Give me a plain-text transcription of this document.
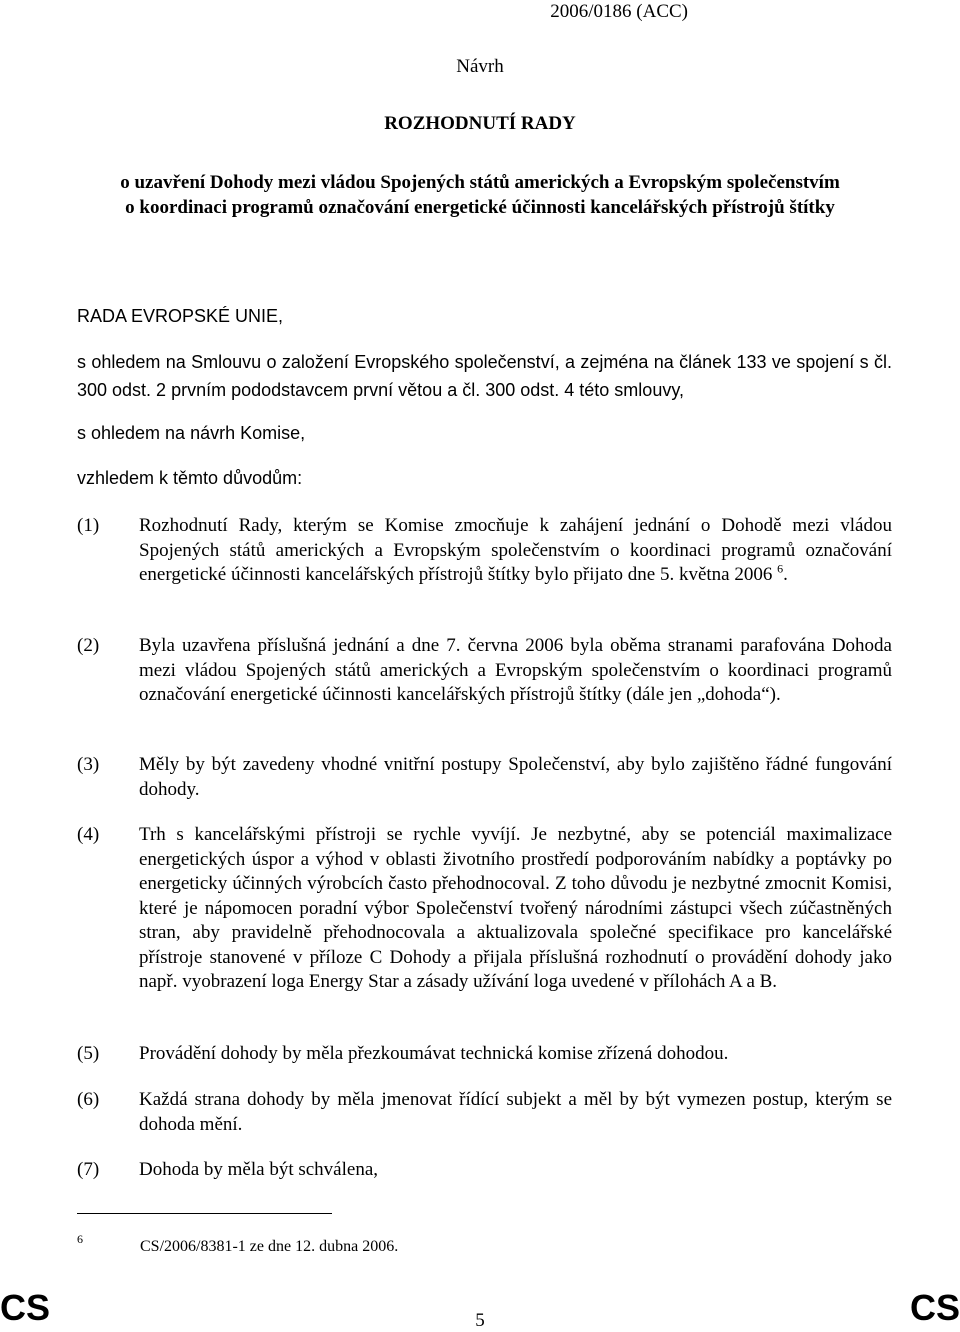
2006/0186 (ACC)
Návrh
ROZHODNUTÍ RADY
o uzavření Dohody mezi vládou Spojených států amerických a Evropským společenstvím
o koordinaci programů označování energetické účinnosti kancelářských přístrojů štítky
RADA EVROPSKÉ UNIE,
s ohledem na Smlouvu o založení Evropského společenství, a zejména na článek 133 ve spojení s čl. 300 odst. 2 prvním pododstavcem první větou a čl. 300 odst. 4 této smlouvy,
s ohledem na návrh Komise,
vzhledem k těmto důvodům:
(1)	Rozhodnutí Rady, kterým se Komise zmocňuje k zahájení jednání o Dohodě mezi vládou Spojených států amerických a Evropským společenstvím o koordinaci programů označování energetické účinnosti kancelářských přístrojů štítky bylo přijato dne 5. května 2006 $^6$.
(2)	Byla uzavřena příslušná jednání a dne 7. června 2006 byla oběma stranami parafována Dohoda mezi vládou Spojených států amerických a Evropským společenstvím o koordinaci programů označování energetické účinnosti kancelářských přístrojů štítky (dále jen „dohoda“).
(3)	Měly by být zavedeny vhodné vnitřní postupy Společenství, aby bylo zajištěno řádné fungování dohody.
(4)	Trh s kancelářskými přístroji se rychle vyvíjí. Je nezbytné, aby se potenciál maximalizace energetických úspor a výhod v oblasti životního prostředí podporováním nabídky a poptávky po energeticky účinných výrobcích často přehodnocoval. Z toho důvodu je nezbytné zmocnit Komisi, které je nápomocen poradní výbor Společenství tvořený národními zástupci všech zúčastněných stran, aby pravidelně přehodnocovala a aktualizovala společné specifikace pro kancelářské přístroje stanovené v příloze C Dohody a přijala příslušná rozhodnutí o provádění dohody jako např. vyobrazení loga Energy Star a zásady užívání loga uvedené v přílohách A a B.
(5)	Provádění dohody by měla přezkoumávat technická komise zřízená dohodou.
(6)	Každá strana dohody by měla jmenovat řídící subjekt a měl by být vymezen postup, kterým se dohoda mění.
(7)	Dohoda by měla být schválena,
6	CS/2006/8381-1 ze dne 12. dubna 2006.
CS	5	CS
